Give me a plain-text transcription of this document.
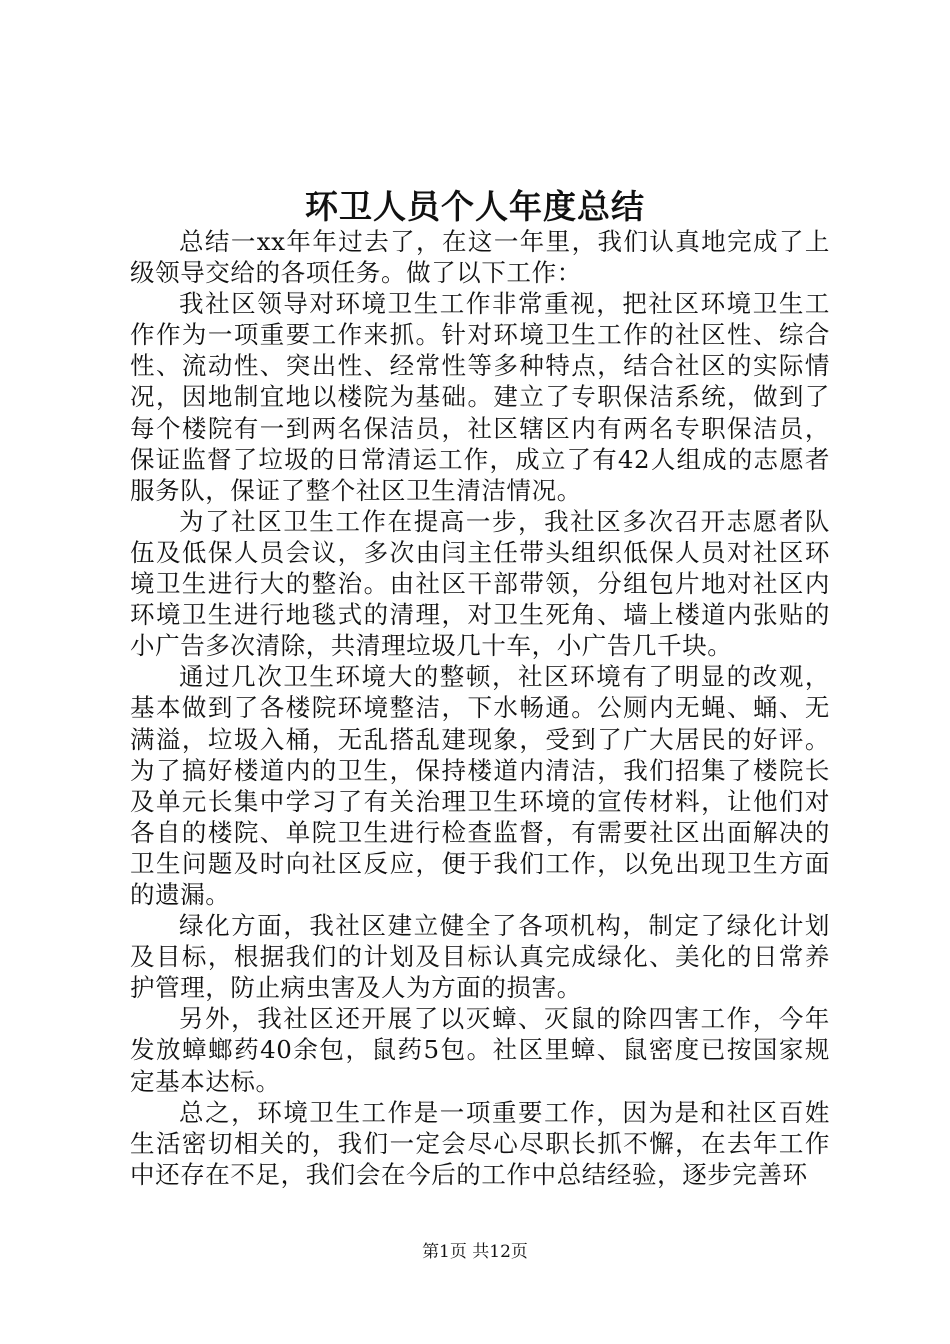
环卫人员个人年度总结

总结一xx年年过去了，在这一年里，我们认真地完成了上级领导交给的各项任务。做了以下工作：

我社区领导对环境卫生工作非常重视，把社区环境卫生工作作为一项重要工作来抓。针对环境卫生工作的社区性、综合性、流动性、突出性、经常性等多种特点，结合社区的实际情况，因地制宜地以楼院为基础。建立了专职保洁系统，做到了每个楼院有一到两名保洁员，社区辖区内有两名专职保洁员，保证监督了垃圾的日常清运工作，成立了有42人组成的志愿者服务队，保证了整个社区卫生清洁情况。

为了社区卫生工作在提高一步，我社区多次召开志愿者队伍及低保人员会议，多次由闫主任带头组织低保人员对社区环境卫生进行大的整治。由社区干部带领，分组包片地对社区内环境卫生进行地毯式的清理，对卫生死角、墙上楼道内张贴的小广告多次清除，共清理垃圾几十车，小广告几千块。

通过几次卫生环境大的整顿，社区环境有了明显的改观，基本做到了各楼院环境整洁，下水畅通。公厕内无蝇、蛹、无满溢，垃圾入桶，无乱搭乱建现象，受到了广大居民的好评。为了搞好楼道内的卫生，保持楼道内清洁，我们招集了楼院长及单元长集中学习了有关治理卫生环境的宣传材料，让他们对各自的楼院、单院卫生进行检查监督，有需要社区出面解决的卫生问题及时向社区反应，便于我们工作，以免出现卫生方面的遗漏。

绿化方面，我社区建立健全了各项机构，制定了绿化计划及目标，根据我们的计划及目标认真完成绿化、美化的日常养护管理，防止病虫害及人为方面的损害。

另外，我社区还开展了以灭蟑、灭鼠的除四害工作，今年发放蟑螂药40余包，鼠药5包。社区里蟑、鼠密度已按国家规定基本达标。

总之，环境卫生工作是一项重要工作，因为是和社区百姓生活密切相关的，我们一定会尽心尽职长抓不懈，在去年工作中还存在不足，我们会在今后的工作中总结经验，逐步完善环

第1页 共12页
